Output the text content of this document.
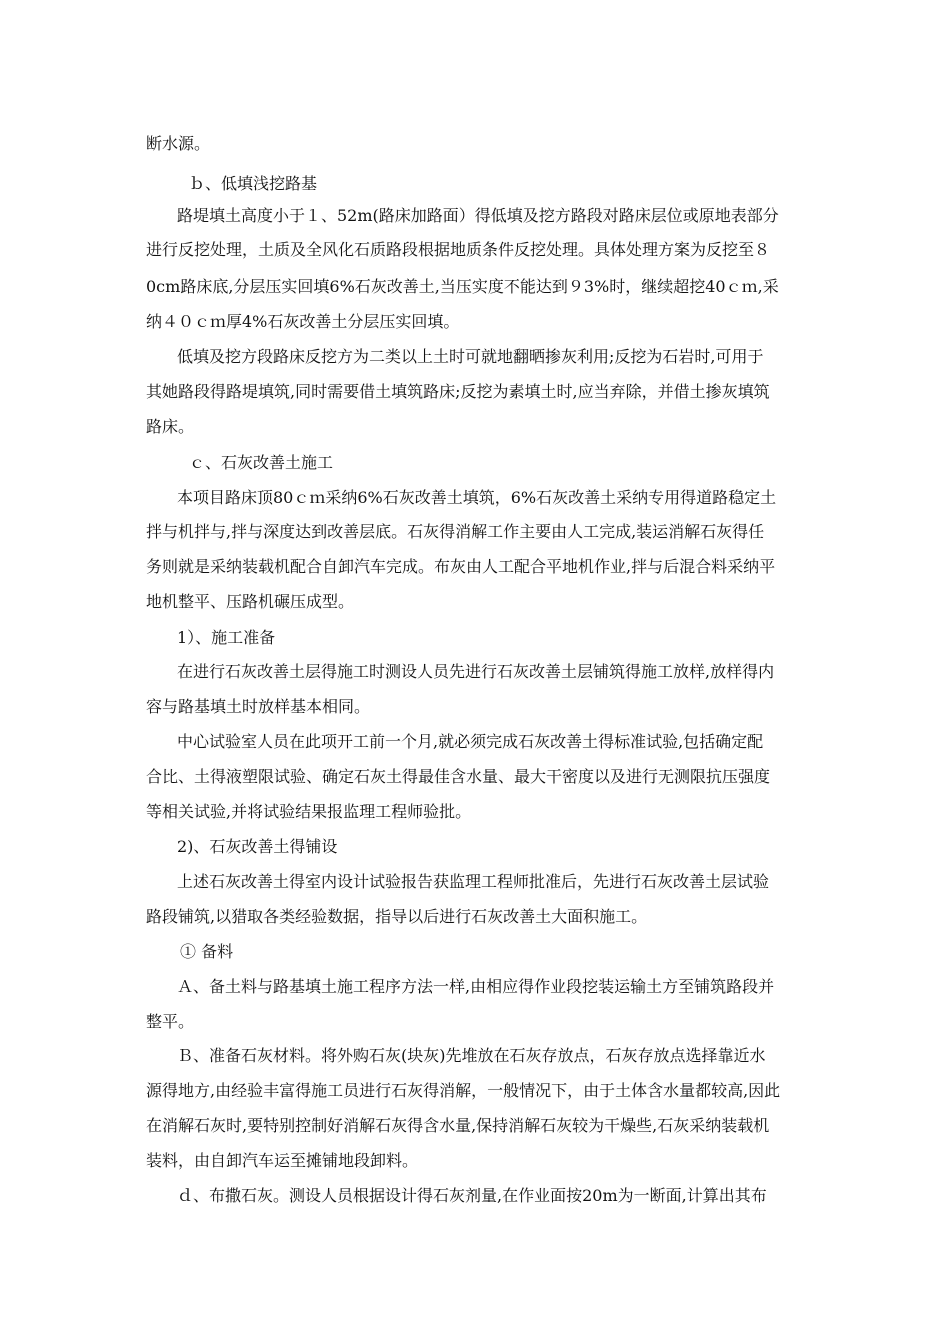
断水源。
ｂ、低填浅挖路基
路堤填土高度小于１、52m(路床加路面）得低填及挖方路段对路床层位或原地表部分
进行反挖处理，土质及全风化石质路段根据地质条件反挖处理。具体处理方案为反挖至８
0cm路床底,分层压实回填6%石灰改善土,当压实度不能达到９3%时，继续超挖40ｃｍ,采
纳４０ｃｍ厚4%石灰改善土分层压实回填。
低填及挖方段路床反挖方为二类以上土时可就地翻晒掺灰利用;反挖为石岩时,可用于
其她路段得路堤填筑,同时需要借土填筑路床;反挖为素填土时,应当弃除，并借土掺灰填筑
路床。
ｃ、石灰改善土施工
本项目路床顶80ｃｍ采纳6%石灰改善土填筑，6%石灰改善土采纳专用得道路稳定土
拌与机拌与,拌与深度达到改善层底。石灰得消解工作主要由人工完成,装运消解石灰得任
务则就是采纳装载机配合自卸汽车完成。布灰由人工配合平地机作业,拌与后混合料采纳平
地机整平、压路机碾压成型。
1）、施工准备
在进行石灰改善土层得施工时测设人员先进行石灰改善土层铺筑得施工放样,放样得内
容与路基填土时放样基本相同。
中心试验室人员在此项开工前一个月,就必须完成石灰改善土得标准试验,包括确定配
合比、土得液塑限试验、确定石灰土得最佳含水量、最大干密度以及进行无测限抗压强度
等相关试验,并将试验结果报监理工程师验批。
2)、石灰改善土得铺设
上述石灰改善土得室内设计试验报告获监理工程师批准后，先进行石灰改善土层试验
路段铺筑,以猎取各类经验数据，指导以后进行石灰改善土大面积施工。
① 备料
Ａ、备土料与路基填土施工程序方法一样,由相应得作业段挖装运输土方至铺筑路段并
整平。
Ｂ、准备石灰材料。将外购石灰(块灰)先堆放在石灰存放点，石灰存放点选择靠近水
源得地方,由经验丰富得施工员进行石灰得消解，一般情况下，由于土体含水量都较高,因此
在消解石灰时,要特别控制好消解石灰得含水量,保持消解石灰较为干燥些,石灰采纳装载机
装料，由自卸汽车运至摊铺地段卸料。
ｄ、布撒石灰。测设人员根据设计得石灰剂量,在作业面按20m为一断面,计算出其布
